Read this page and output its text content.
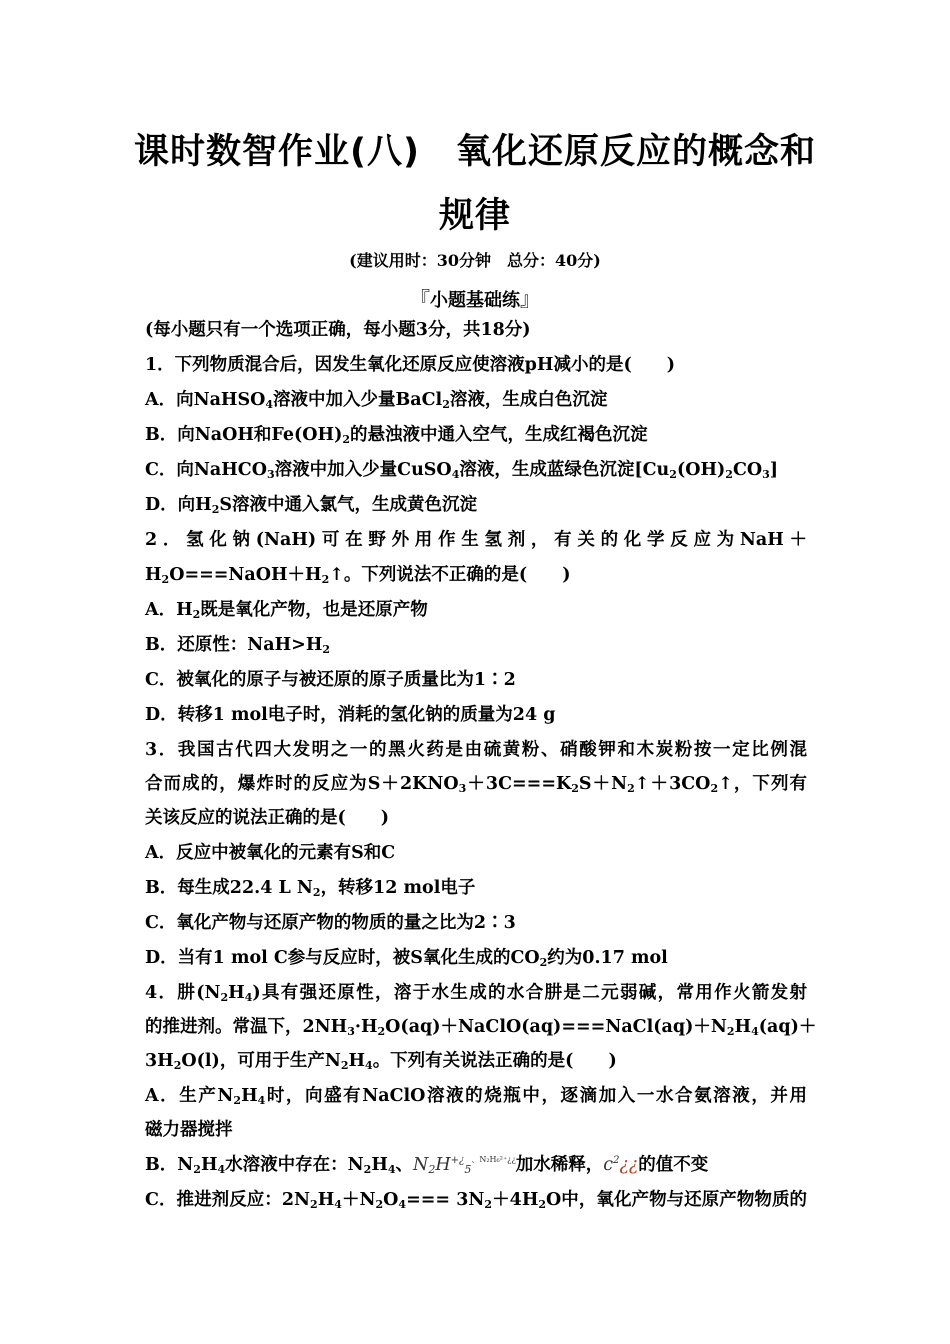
课时数智作业(八)　氧化还原反应的概念和
规律
(建议用时：30分钟　总分：40分)
『小题基础练』
(每小题只有一个选项正确，每小题3分，共18分)
1．下列物质混合后，因发生氧化还原反应使溶液pH减小的是(　　)
A．向NaHSO$_4$溶液中加入少量BaCl$_2$溶液，生成白色沉淀
B．向NaOH和$Fe(OH)_2$的悬浊液中通入空气，生成红褐色沉淀
C．向NaHCO$_3$溶液中加入少量CuSO$_4$溶液，生成蓝绿色沉淀$[Cu_2(OH)_2CO_3]$
D．向$H_2S$溶液中通入氯气，生成黄色沉淀
2．氢化钠(NaH)可在野外用作生氢剂，有关的化学反应为NaH＋
$H_2O===NaOH+H_2↑$。下列说法不正确的是(　　)
A．$H_2$既是氧化产物，也是还原产物
B．还原性：$NaH>H_2$
C．被氧化的原子与被还原的原子质量比为1∶2
D．转移1 mol电子时，消耗的氢化钠的质量为24 g
3．我国古代四大发明之一的黑火药是由硫黄粉、硝酸钾和木炭粉按一定比例混
合而成的，爆炸时的反应为$S+2KNO_3+3C===K_2S+N_2↑+3CO_2↑$，下列有
关该反应的说法正确的是(　　)
A．反应中被氧化的元素有S和C
B．每生成22.4 L $N_2$，转移12 mol电子
C．氧化产物与还原产物的物质的量之比为2∶3
D．当有1 mol C参与反应时，被S氧化生成的$CO_2$约为0.17 mol
4．肼$(N_2H_4)$具有强还原性，溶于水生成的水合肼是二元弱碱，常用作火箭发射
的推进剂。常温下，$2NH_3\cdot H_2O(aq)+NaClO(aq)===NaCl(aq)+N_2H_4(aq)+$
$3H_2O(l)$，可用于生产$N_2H_4$。下列有关说法正确的是(　　)
A．生产$N_2H_4$时，向盛有NaClO溶液的烧瓶中，逐滴加入一水合氨溶液，并用
磁力器搅拌
B．$N_2H_4$水溶液中存在：$N_2H_4$、$N_2H^{+¿}_5^{、N_2H_6^{2+}¿¿}$加水稀释，$c^2¿¿$的值不变
C．推进剂反应：$2N_2H_4+N_2O_4=== 3N_2+4H_2O$中，氧化产物与还原产物物质的
